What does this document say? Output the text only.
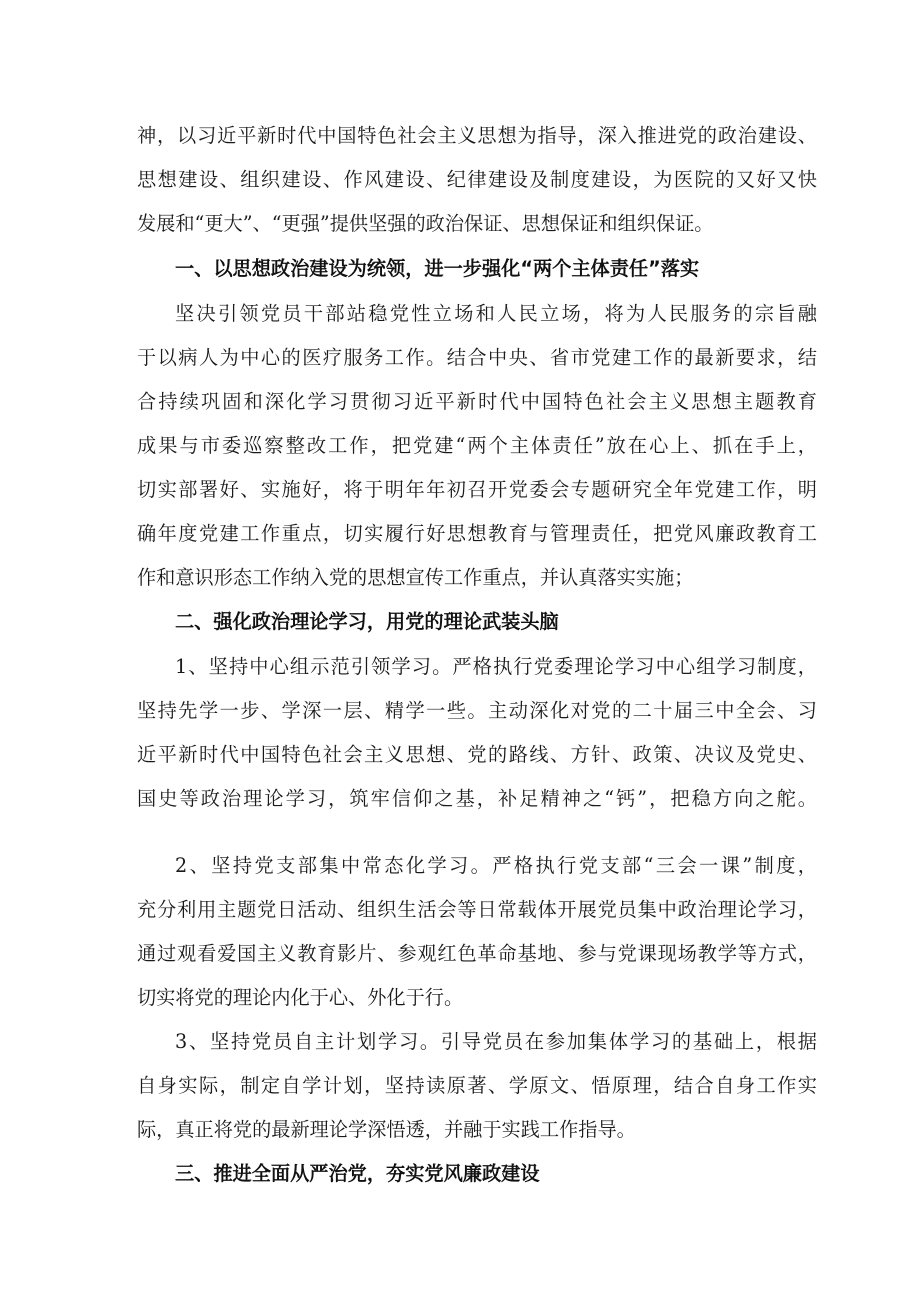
神，以习近平新时代中国特色社会主义思想为指导，深入推进党的政治建设、

思想建设、组织建设、作风建设、纪律建设及制度建设，为医院的又好又快

发展和“更大”、“更强”提供坚强的政治保证、思想保证和组织保证。

一、以思想政治建设为统领，进一步强化“两个主体责任”落实

坚决引领党员干部站稳党性立场和人民立场，将为人民服务的宗旨融

于以病人为中心的医疗服务工作。结合中央、省市党建工作的最新要求，结

合持续巩固和深化学习贯彻习近平新时代中国特色社会主义思想主题教育

成果与市委巡察整改工作，把党建“两个主体责任”放在心上、抓在手上，

切实部署好、实施好，将于明年年初召开党委会专题研究全年党建工作，明

确年度党建工作重点，切实履行好思想教育与管理责任，把党风廉政教育工

作和意识形态工作纳入党的思想宣传工作重点，并认真落实实施；

二、强化政治理论学习，用党的理论武装头脑

1、坚持中心组示范引领学习。严格执行党委理论学习中心组学习制度，

坚持先学一步、学深一层、精学一些。主动深化对党的二十届三中全会、习

近平新时代中国特色社会主义思想、党的路线、方针、政策、决议及党史、

国史等政治理论学习，筑牢信仰之基，补足精神之“钙”，把稳方向之舵。

2、坚持党支部集中常态化学习。严格执行党支部“三会一课”制度，

充分利用主题党日活动、组织生活会等日常载体开展党员集中政治理论学习，

通过观看爱国主义教育影片、参观红色革命基地、参与党课现场教学等方式，

切实将党的理论内化于心、外化于行。

3、坚持党员自主计划学习。引导党员在参加集体学习的基础上，根据

自身实际，制定自学计划，坚持读原著、学原文、悟原理，结合自身工作实

际，真正将党的最新理论学深悟透，并融于实践工作指导。

三、推进全面从严治党，夯实党风廉政建设
